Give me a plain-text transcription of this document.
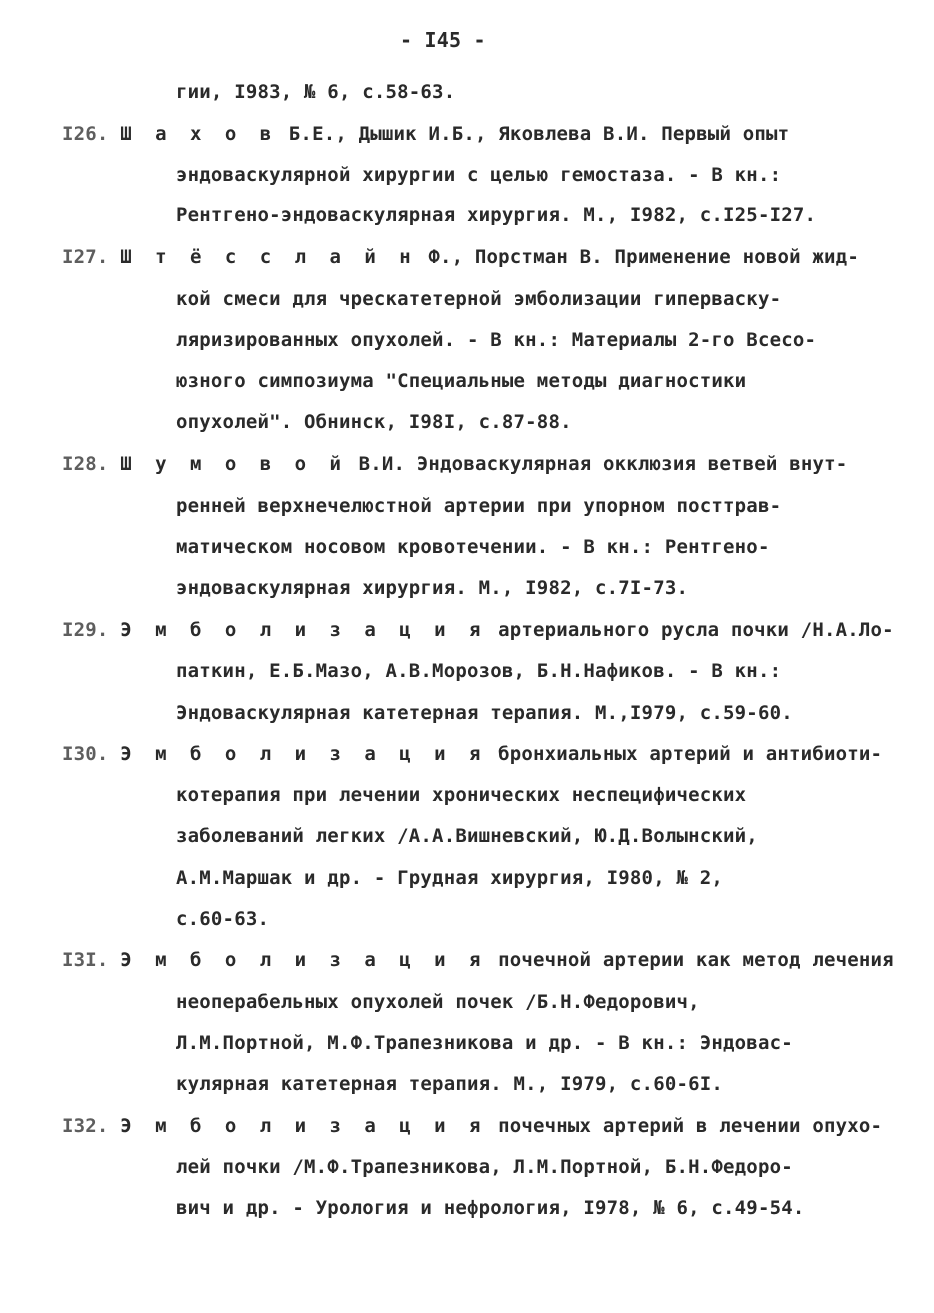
- I45 -
гии, I983, № 6, с.58-63.
I26. Ш а х о в Б.Е., Дышик И.Б., Яковлева В.И. Первый опыт
эндоваскулярной хирургии с целью гемостаза. - В кн.:
Рентгено-эндоваскулярная хирургия. М., I982, с.I25-I27.
I27. Ш т ё с с л а й н Ф., Порстман В. Применение новой жид-
кой смеси для чрескатетерной эмболизации гиперваску-
ляризированных опухолей. - В кн.: Материалы 2-го Всесо-
юзного симпозиума "Специальные методы диагностики
опухолей". Обнинск, I98I, с.87-88.
I28. Ш у м о в о й В.И. Эндоваскулярная окклюзия ветвей внут-
ренней верхнечелюстной артерии при упорном посттрав-
матическом носовом кровотечении. - В кн.: Рентгено-
эндоваскулярная хирургия. М., I982, с.7I-73.
I29. Э м б о л и з а ц и я артериального русла почки /Н.А.Ло-
паткин, Е.Б.Мазо, А.В.Морозов, Б.Н.Нафиков. - В кн.:
Эндоваскулярная катетерная терапия. М.,I979, с.59-60.
I30. Э м б о л и з а ц и я бронхиальных артерий и антибиоти-
котерапия при лечении хронических неспецифических
заболеваний легких /А.А.Вишневский, Ю.Д.Волынский,
А.М.Маршак и др. - Грудная хирургия, I980, № 2,
с.60-63.
I3I. Э м б о л и з а ц и я почечной артерии как метод лечения
неоперабельных опухолей почек /Б.Н.Федорович,
Л.М.Портной, М.Ф.Трапезникова и др. - В кн.: Эндовас-
кулярная катетерная терапия. М., I979, с.60-6I.
I32. Э м б о л и з а ц и я почечных артерий в лечении опухо-
лей почки /М.Ф.Трапезникова, Л.М.Портной, Б.Н.Федоро-
вич и др. - Урология и нефрология, I978, № 6, с.49-54.
